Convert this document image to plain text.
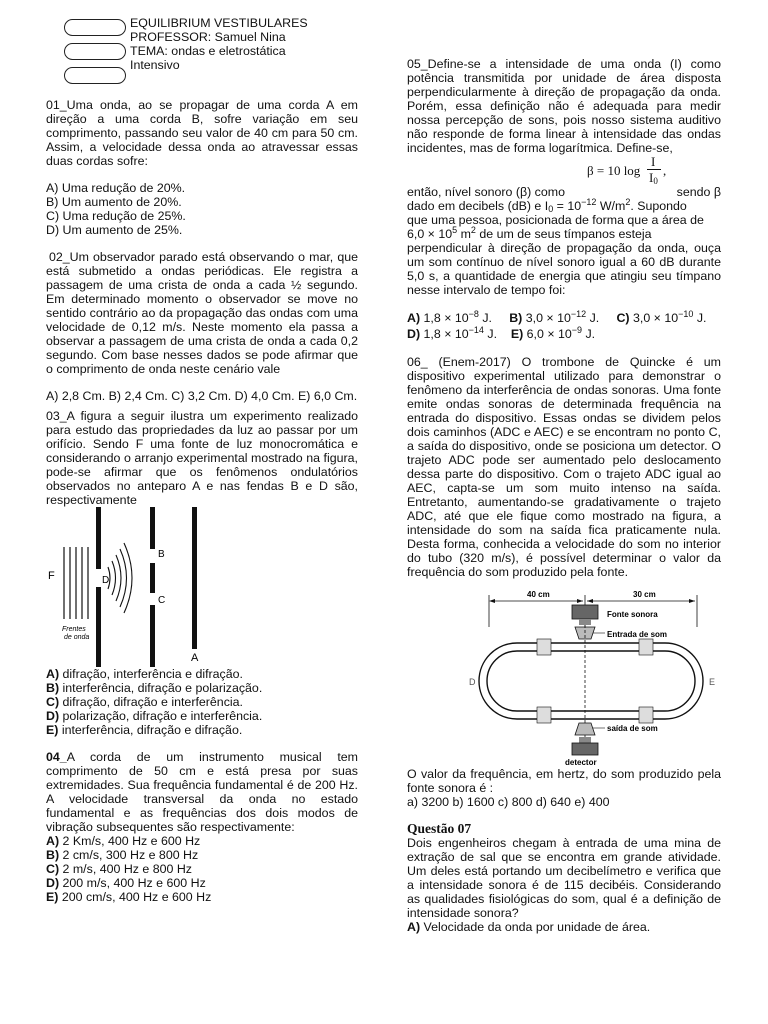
EQUILIBRIUM VESTIBULARES
PROFESSOR: Samuel Nina
TEMA: ondas e eletrostática
Intensivo

01_Uma onda, ao se propagar de uma corda A em direção a uma corda B, sofre variação em seu comprimento, passando seu valor de 40 cm para 50 cm. Assim, a velocidade dessa onda ao atravessar essas duas cordas sofre:

A) Uma redução de 20%.

B) Um aumento de 20%.

C) Uma redução de 25%.

D) Um aumento de 25%.

02_Um observador parado está observando o mar, que está submetido a ondas periódicas. Ele registra a passagem de uma crista de onda a cada ½ segundo. Em determinado momento o observador se move no sentido contrário ao da propagação das ondas com uma velocidade de 0,12 m/s. Neste momento ela passa a observar a passagem de uma crista de onda a cada 0,2 segundo. Com base nesses dados se pode afirmar que o comprimento de onda neste cenário vale

A) 2,8 Cm. B) 2,4 Cm. C) 3,2 Cm. D) 4,0 Cm. E) 6,0 Cm.

03_A figura a seguir ilustra um experimento realizado para estudo das propriedades da luz ao passar por um orifício. Sendo F uma fonte de luz monocromática e considerando o arranjo experimental mostrado na figura, pode-se afirmar que os fenômenos ondulatórios observados no anteparo A e nas fendas B e D são, respectivamente

F
Frentes
de onda
D
B
C
A

A) difração, interferência e difração.

B) interferência, difração e polarização.

C) difração, difração e interferência.

D) polarização, difração e interferência.

E) interferência, difração e difração.

04_A corda de um instrumento musical tem comprimento de 50 cm e está presa por suas extremidades. Sua frequência fundamental é de 200 Hz. A velocidade transversal da onda no estado fundamental e as frequências dos dois modos de vibração subsequentes são respectivamente:

A) 2 Km/s, 400 Hz e 600 Hz

B) 2 cm/s, 300 Hz e 800 Hz

C) 2 m/s, 400 Hz e 800 Hz

D) 200 m/s, 400 Hz e 600 Hz

E) 200 cm/s, 400 Hz e 600 Hz

05_Define-se a intensidade de uma onda (I) como potência transmitida por unidade de área disposta perpendicularmente à direção de propagação da onda. Porém, essa definição não é adequada para medir nossa percepção de sons, pois nosso sistema auditivo não responde de forma linear à intensidade das ondas incidentes, mas de forma logarítmica. Define-se,

β = 10 log
I
$I_0$
,

então, nível sonoro (β) como	sendo β

dado em decibels (dB) e $I_0 = 10^{-12}$ $W/m^2$. Supondo

que uma pessoa, posicionada de forma que a área de

$6,0 \times 10^5$ $m^2$ de um de seus tímpanos esteja

perpendicular à direção de propagação da onda, ouça um som contínuo de nível sonoro igual a 60 dB durante 5,0 s, a quantidade de energia que atingiu seu tímpano nesse intervalo de tempo foi:

A) $1,8 \times 10^{-8}$ J. B) $3,0 \times 10^{-12}$ J. C) $3,0 \times 10^{-10}$ J.

D) $1,8 \times 10^{-14}$ J. E) $6,0 \times 10^{-9}$ J.

06_ (Enem-2017) O trombone de Quincke é um dispositivo experimental utilizado para demonstrar o fenômeno da interferência de ondas sonoras. Uma fonte emite ondas sonoras de determinada frequência na entrada do dispositivo. Essas ondas se dividem pelos dois caminhos (ADC e AEC) e se encontram no ponto C, a saída do dispositivo, onde se posiciona um detector. O trajeto ADC pode ser aumentado pelo deslocamento dessa parte do dispositivo. Com o trajeto ADC igual ao AEC, capta-se um som muito intenso na saída. Entretanto, aumentando-se gradativamente o trajeto ADC, até que ele fique como mostrado na figura, a intensidade do som na saída fica praticamente nula. Desta forma, conhecida a velocidade do som no interior do tubo (320 m/s), é possível determinar o valor da frequência do som produzido pela fonte.

40 cm	30 cm
Fonte sonora
Entrada de som
D	E
saída de som
detector

O valor da frequência, em hertz, do som produzido pela fonte sonora é :

a) 3200 b) 1600 c) 800 d) 640 e) 400

Questão 07

Dois engenheiros chegam à entrada de uma mina de extração de sal que se encontra em grande atividade. Um deles está portando um decibelímetro e verifica que a intensidade sonora é de 115 decibéis. Considerando as qualidades fisiológicas do som, qual é a definição de intensidade sonora?

A) Velocidade da onda por unidade de área.
